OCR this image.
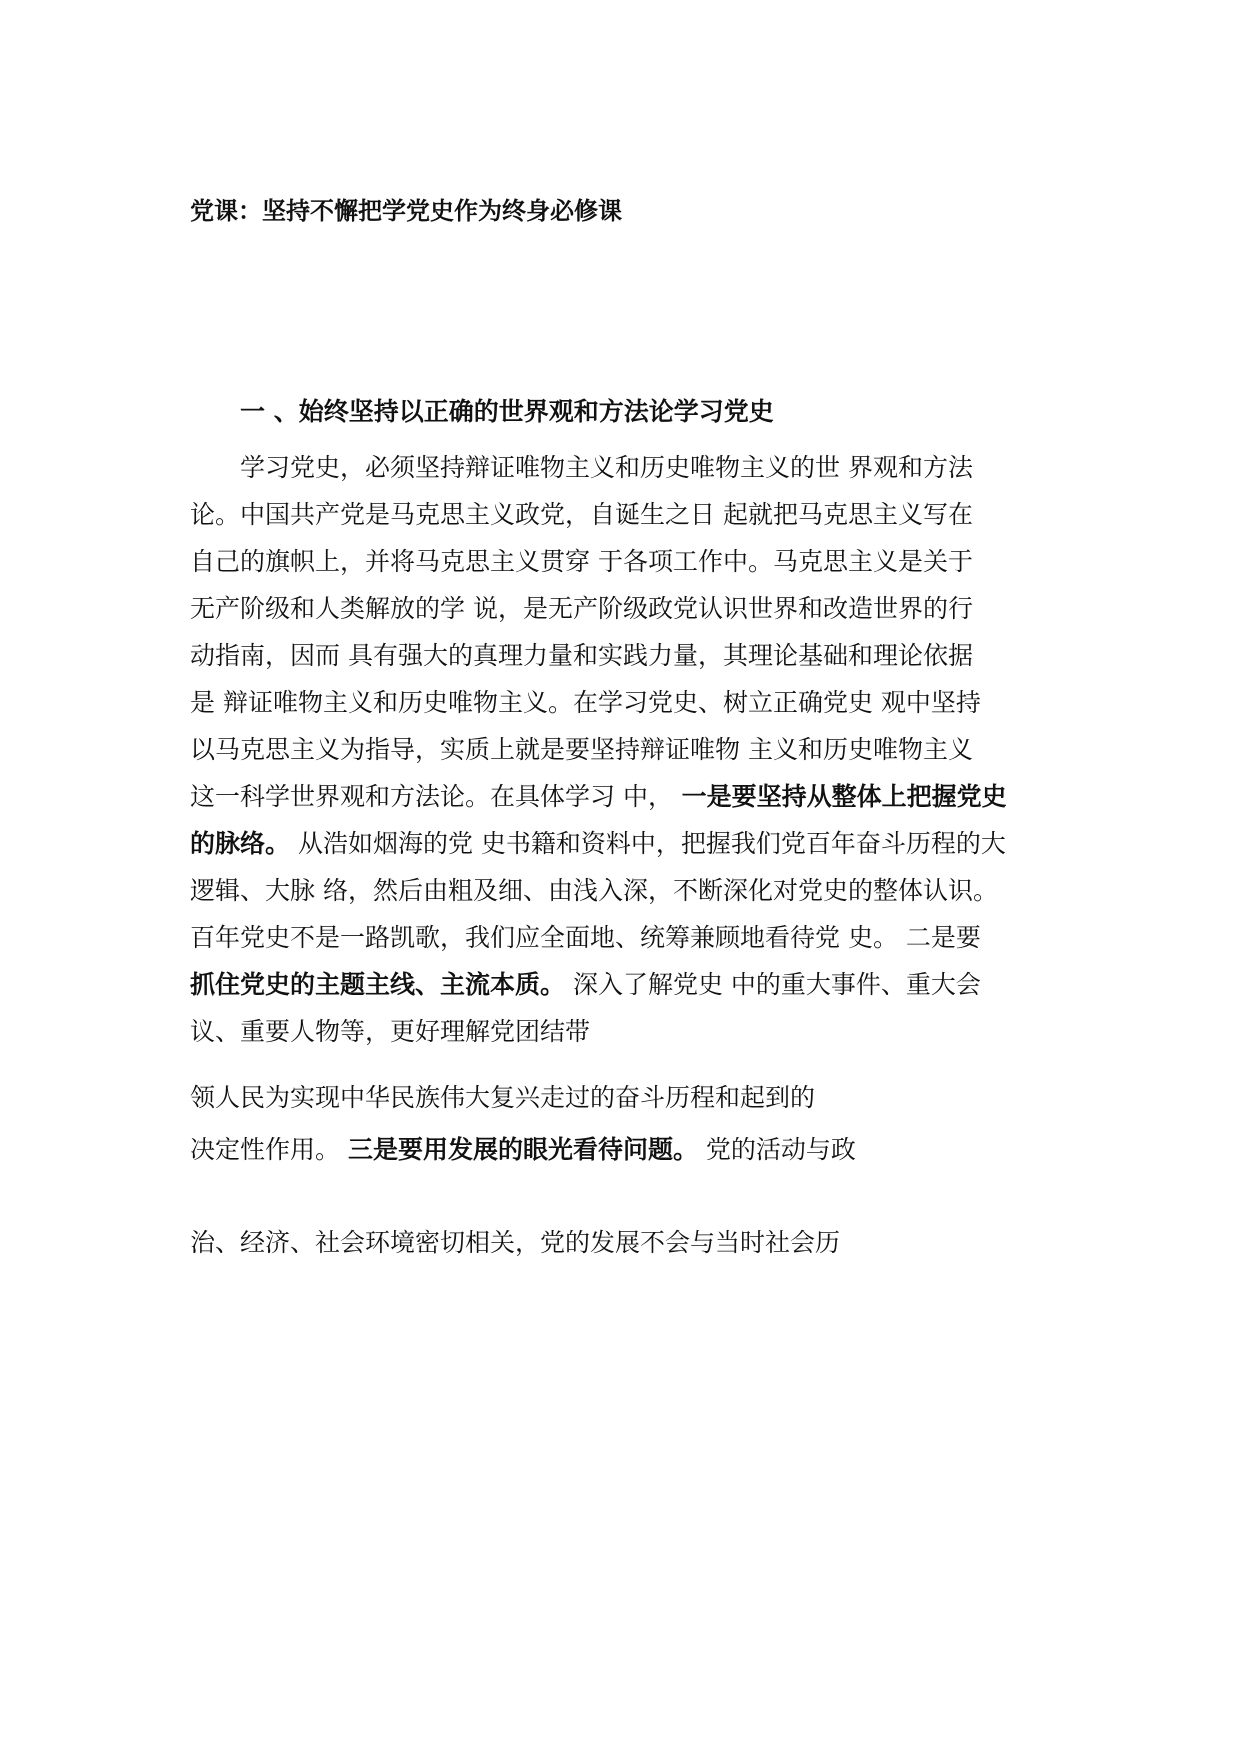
党课：坚持不懈把学党史作为终身必修课
一 、始终坚持以正确的世界观和方法论学习党史
学习党史，必须坚持辩证唯物主义和历史唯物主义的世 界观和方法
论。中国共产党是马克思主义政党，自诞生之日 起就把马克思主义写在
自己的旗帜上，并将马克思主义贯穿 于各项工作中。马克思主义是关于
无产阶级和人类解放的学 说，是无产阶级政党认识世界和改造世界的行
动指南，因而 具有强大的真理力量和实践力量，其理论基础和理论依据
是 辩证唯物主义和历史唯物主义。在学习党史、树立正确党史 观中坚持
以马克思主义为指导，实质上就是要坚持辩证唯物 主义和历史唯物主义
这一科学世界观和方法论。在具体学习 中， 一是要坚持从整体上把握党史
的脉络。 从浩如烟海的党 史书籍和资料中，把握我们党百年奋斗历程的大
逻辑、大脉 络，然后由粗及细、由浅入深，不断深化对党史的整体认识。
百年党史不是一路凯歌，我们应全面地、统筹兼顾地看待党 史。 二是要
抓住党史的主题主线、主流本质。 深入了解党史 中的重大事件、重大会
议、重要人物等，更好理解党团结带
领人民为实现中华民族伟大复兴走过的奋斗历程和起到的
决定性作用。 三是要用发展的眼光看待问题。 党的活动与政
治、经济、社会环境密切相关，党的发展不会与当时社会历
